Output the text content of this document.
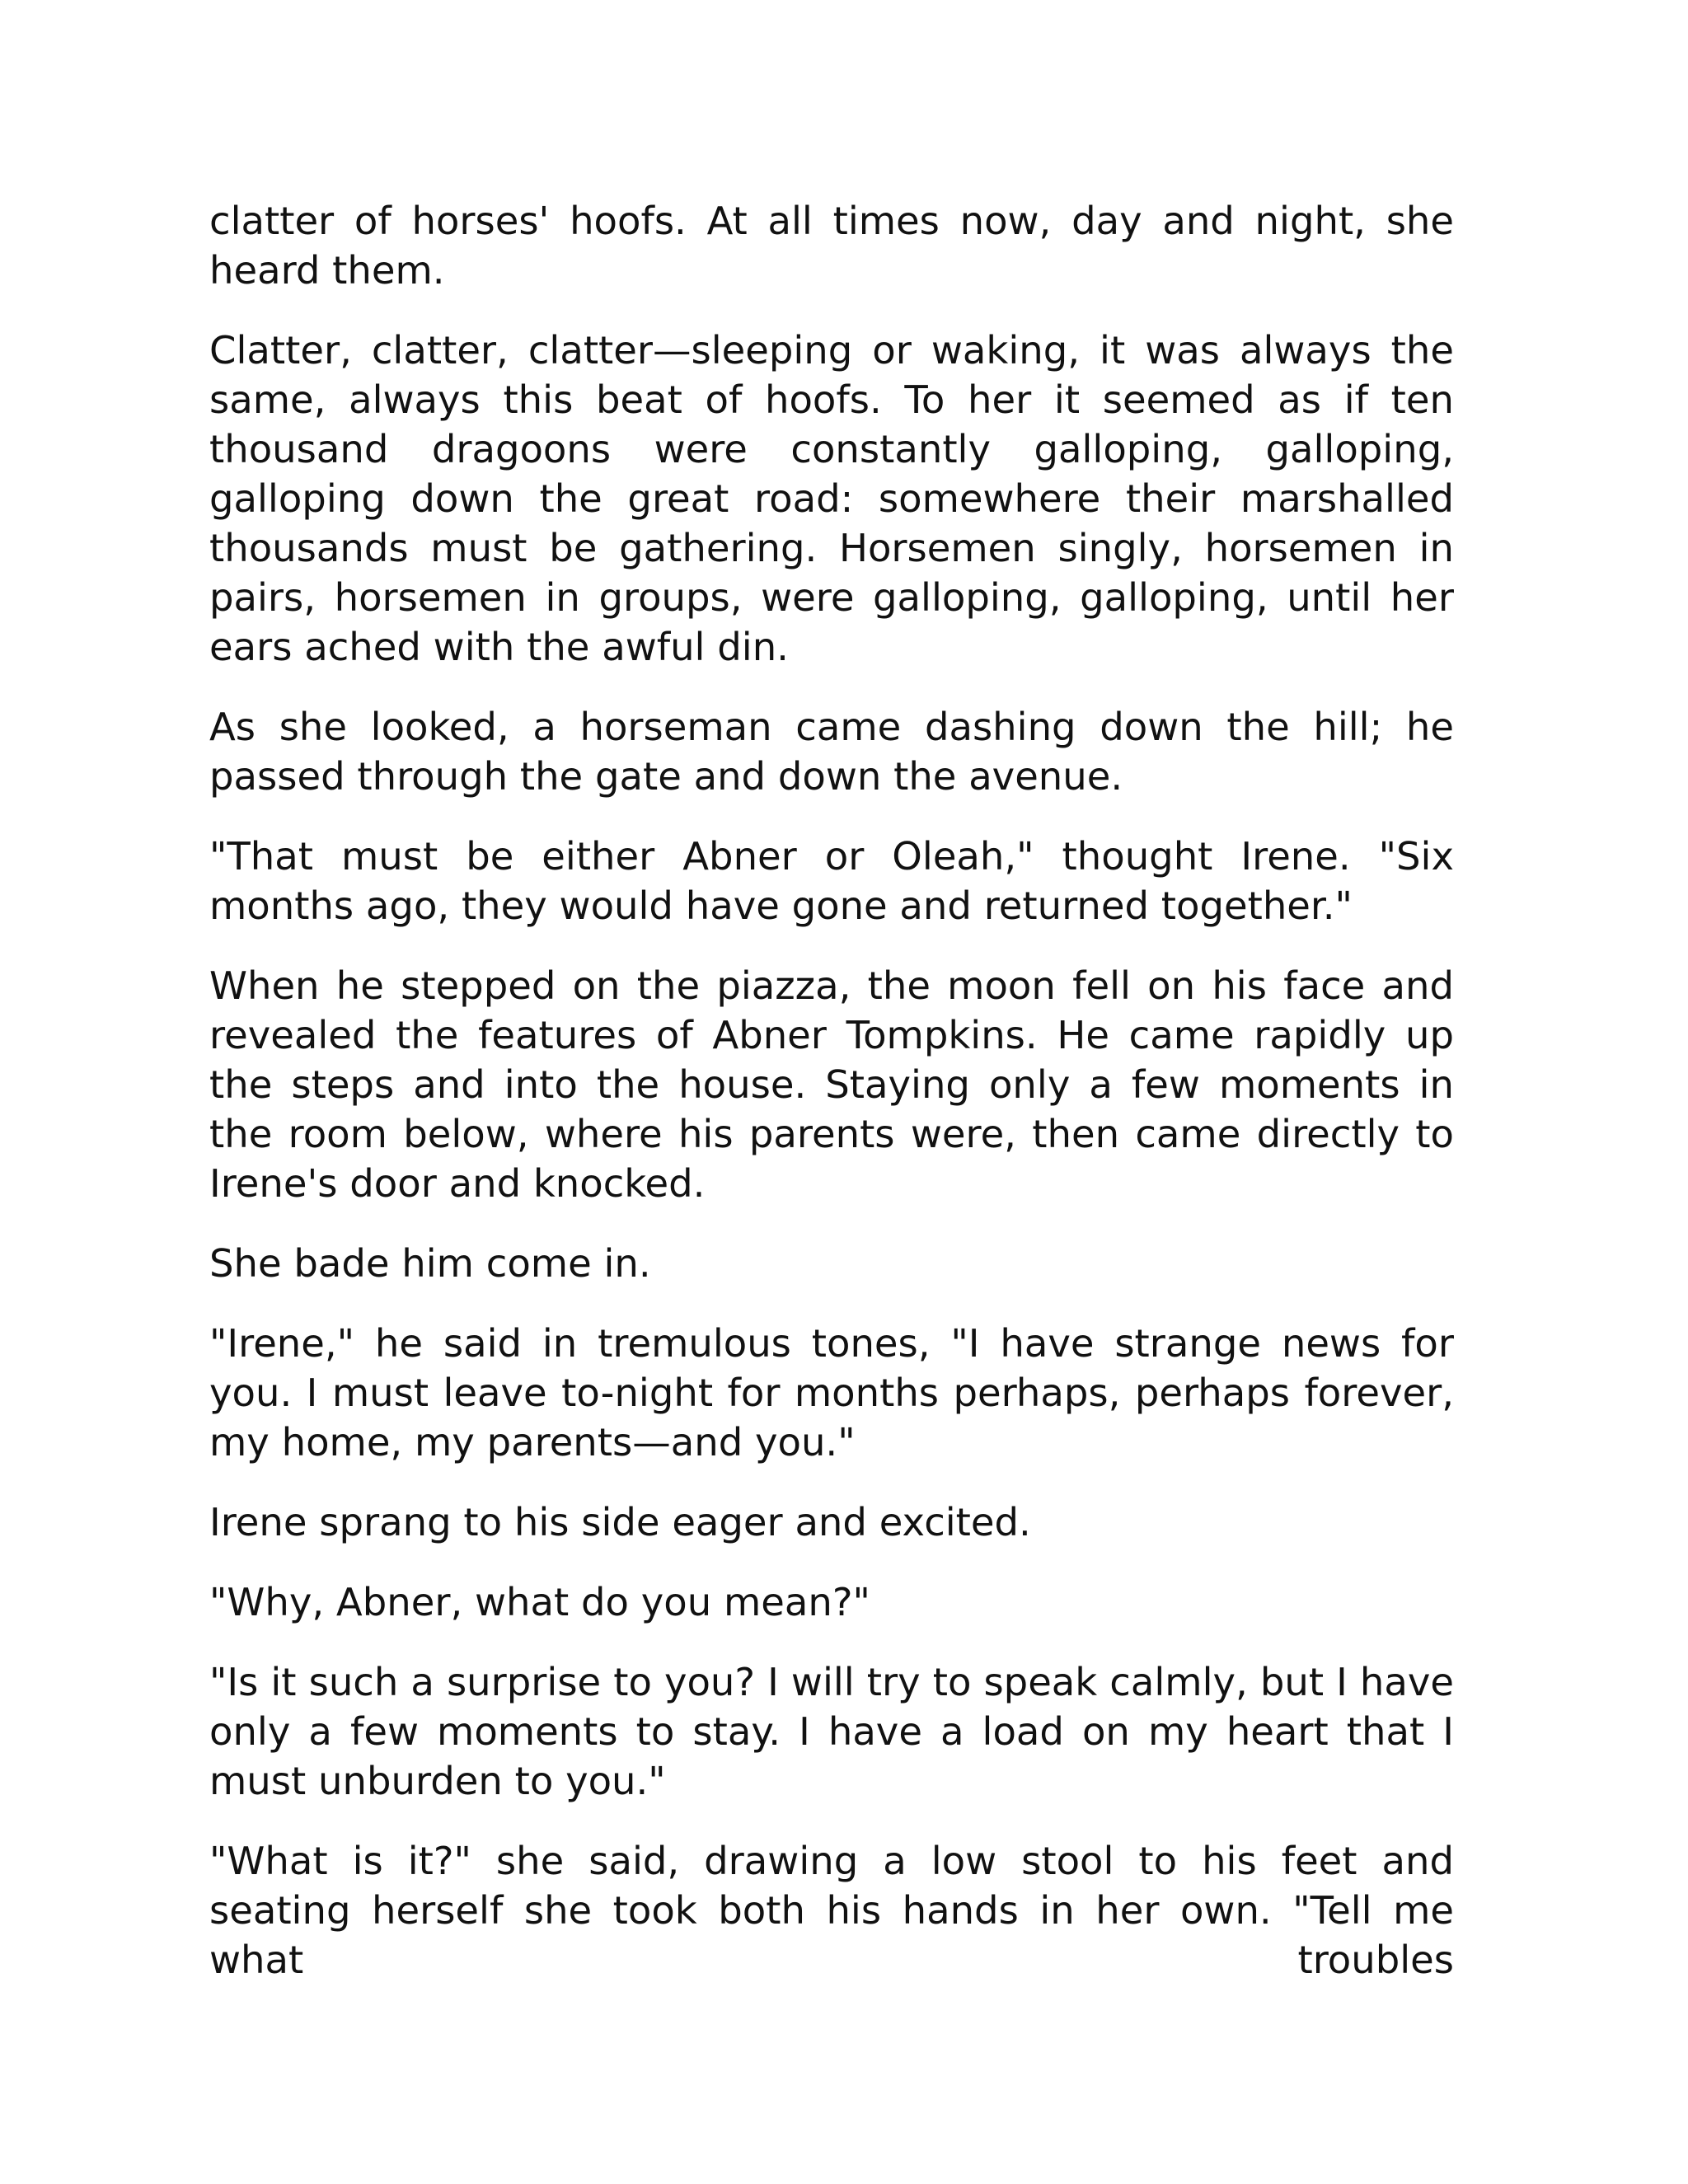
clatter of horses' hoofs. At all times now, day and night, she heard them.

Clatter, clatter, clatter—sleeping or waking, it was always the same, always this beat of hoofs. To her it seemed as if ten thousand dragoons were constantly galloping, galloping, galloping down the great road: somewhere their marshalled thousands must be gathering. Horsemen singly, horsemen in pairs, horsemen in groups, were galloping, galloping, until her ears ached with the awful din.

As she looked, a horseman came dashing down the hill; he passed through the gate and down the avenue.

"That must be either Abner or Oleah," thought Irene. "Six months ago, they would have gone and returned together."

When he stepped on the piazza, the moon fell on his face and revealed the features of Abner Tompkins. He came rapidly up the steps and into the house. Staying only a few moments in the room below, where his parents were, then came directly to Irene's door and knocked.

She bade him come in.

"Irene," he said in tremulous tones, "I have strange news for you. I must leave to-night for months perhaps, perhaps forever, my home, my parents—and you."

Irene sprang to his side eager and excited.

"Why, Abner, what do you mean?"

"Is it such a surprise to you? I will try to speak calmly, but I have only a few moments to stay. I have a load on my heart that I must unburden to you."

"What is it?" she said, drawing a low stool to his feet and seating herself she took both his hands in her own. "Tell me what troubles
